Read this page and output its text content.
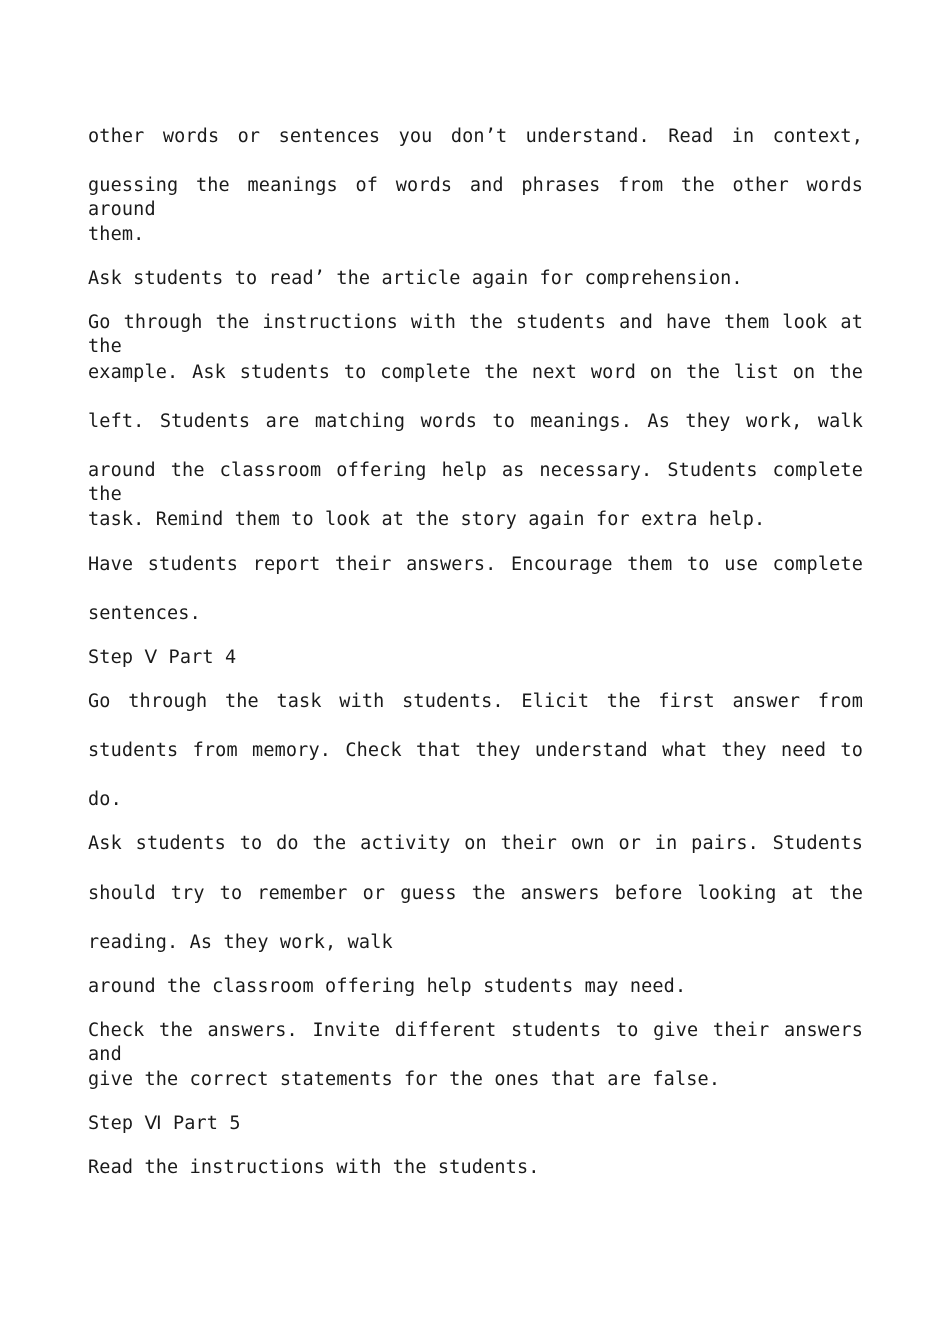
other words or sentences you don’t understand. Read in context,
guessing the meanings of words and phrases from the other words around
them.
Ask students to read’ the article again for comprehension.
Go through the instructions with the students and have them look at the
example. Ask students to complete the next word on the list on the
left. Students are matching words to meanings. As they work, walk
around the classroom offering help as necessary. Students complete the
task. Remind them to look at the story again for extra help.
Have students report their answers. Encourage them to use complete
sentences.
Step Ⅴ Part 4
Go through the task with students. Elicit the first answer from
students from memory. Check that they understand what they need to
do.
Ask students to do the activity on their own or in pairs. Students
should try to remember or guess the answers before looking at the
reading. As they work, walk
around the classroom offering help students may need.
Check the answers. Invite different students to give their answers and
give the correct statements for the ones that are false.
Step Ⅵ Part 5
Read the instructions with the students.
